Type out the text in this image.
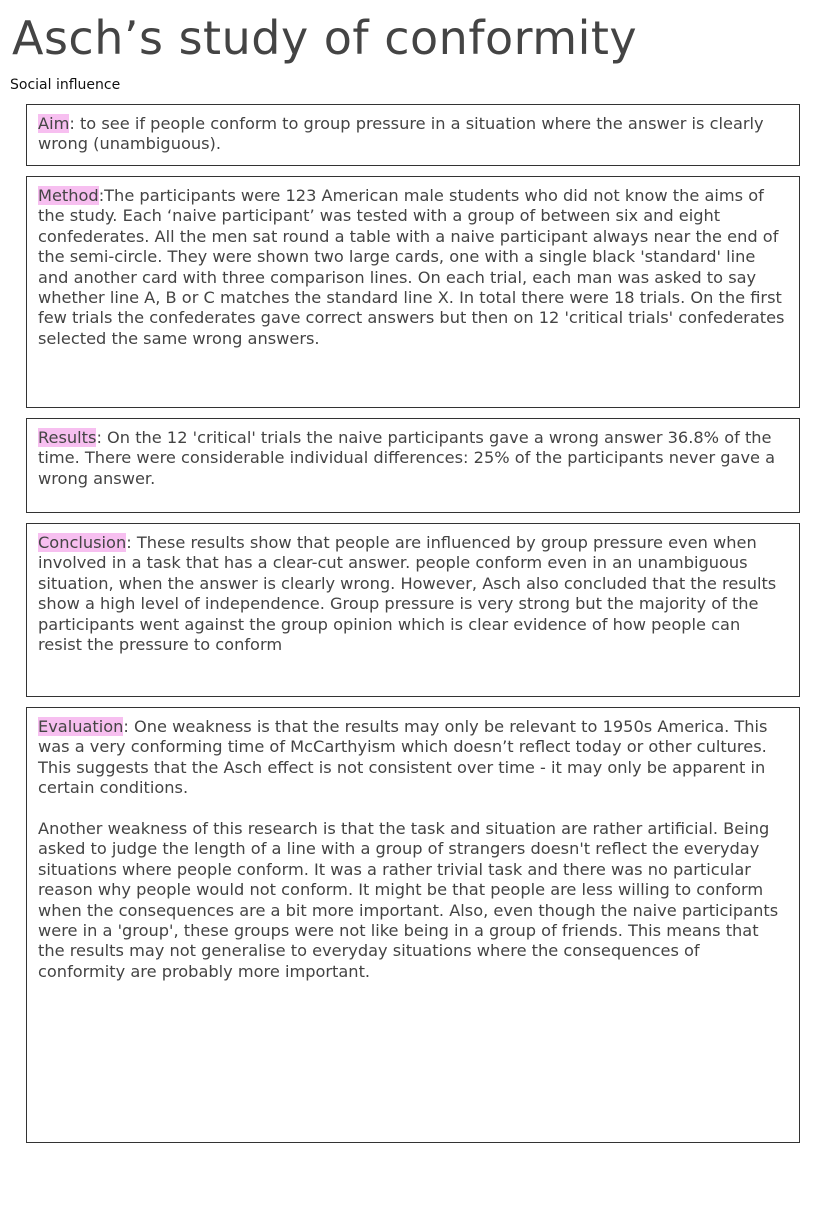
Asch’s study of conformity
Social influence

Aim: to see if people conform to group pressure in a situation where the answer is clearly wrong (unambiguous).

Method:The participants were 123 American male students who did not know the aims of the study. Each ‘naive participant’ was tested with a group of between six and eight confederates. All the men sat round a table with a naive participant always near the end of the semi-circle. They were shown two large cards, one with a single black 'standard' line and another card with three comparison lines. On each trial, each man was asked to say whether line A, B or C matches the standard line X. In total there were 18 trials. On the first few trials the confederates gave correct answers but then on 12 'critical trials' confederates selected the same wrong answers.

Results: On the 12 'critical' trials the naive participants gave a wrong answer 36.8% of the time. There were considerable individual differences: 25% of the participants never gave a wrong answer.

Conclusion: These results show that people are influenced by group pressure even when involved in a task that has a clear-cut answer. people conform even in an unambiguous situation, when the answer is clearly wrong. However, Asch also concluded that the results show a high level of independence. Group pressure is very strong but the majority of the participants went against the group opinion which is clear evidence of how people can resist the pressure to conform

Evaluation: One weakness is that the results may only be relevant to 1950s America. This was a very conforming time of McCarthyism which doesn’t reflect today or other cultures. This suggests that the Asch effect is not consistent over time - it may only be apparent in certain conditions.

Another weakness of this research is that the task and situation are rather artificial. Being asked to judge the length of a line with a group of strangers doesn't reflect the everyday situations where people conform. It was a rather trivial task and there was no particular reason why people would not conform. It might be that people are less willing to conform when the consequences are a bit more important. Also, even though the naive participants were in a 'group', these groups were not like being in a group of friends. This means that the results may not generalise to everyday situations where the consequences of conformity are probably more important.
